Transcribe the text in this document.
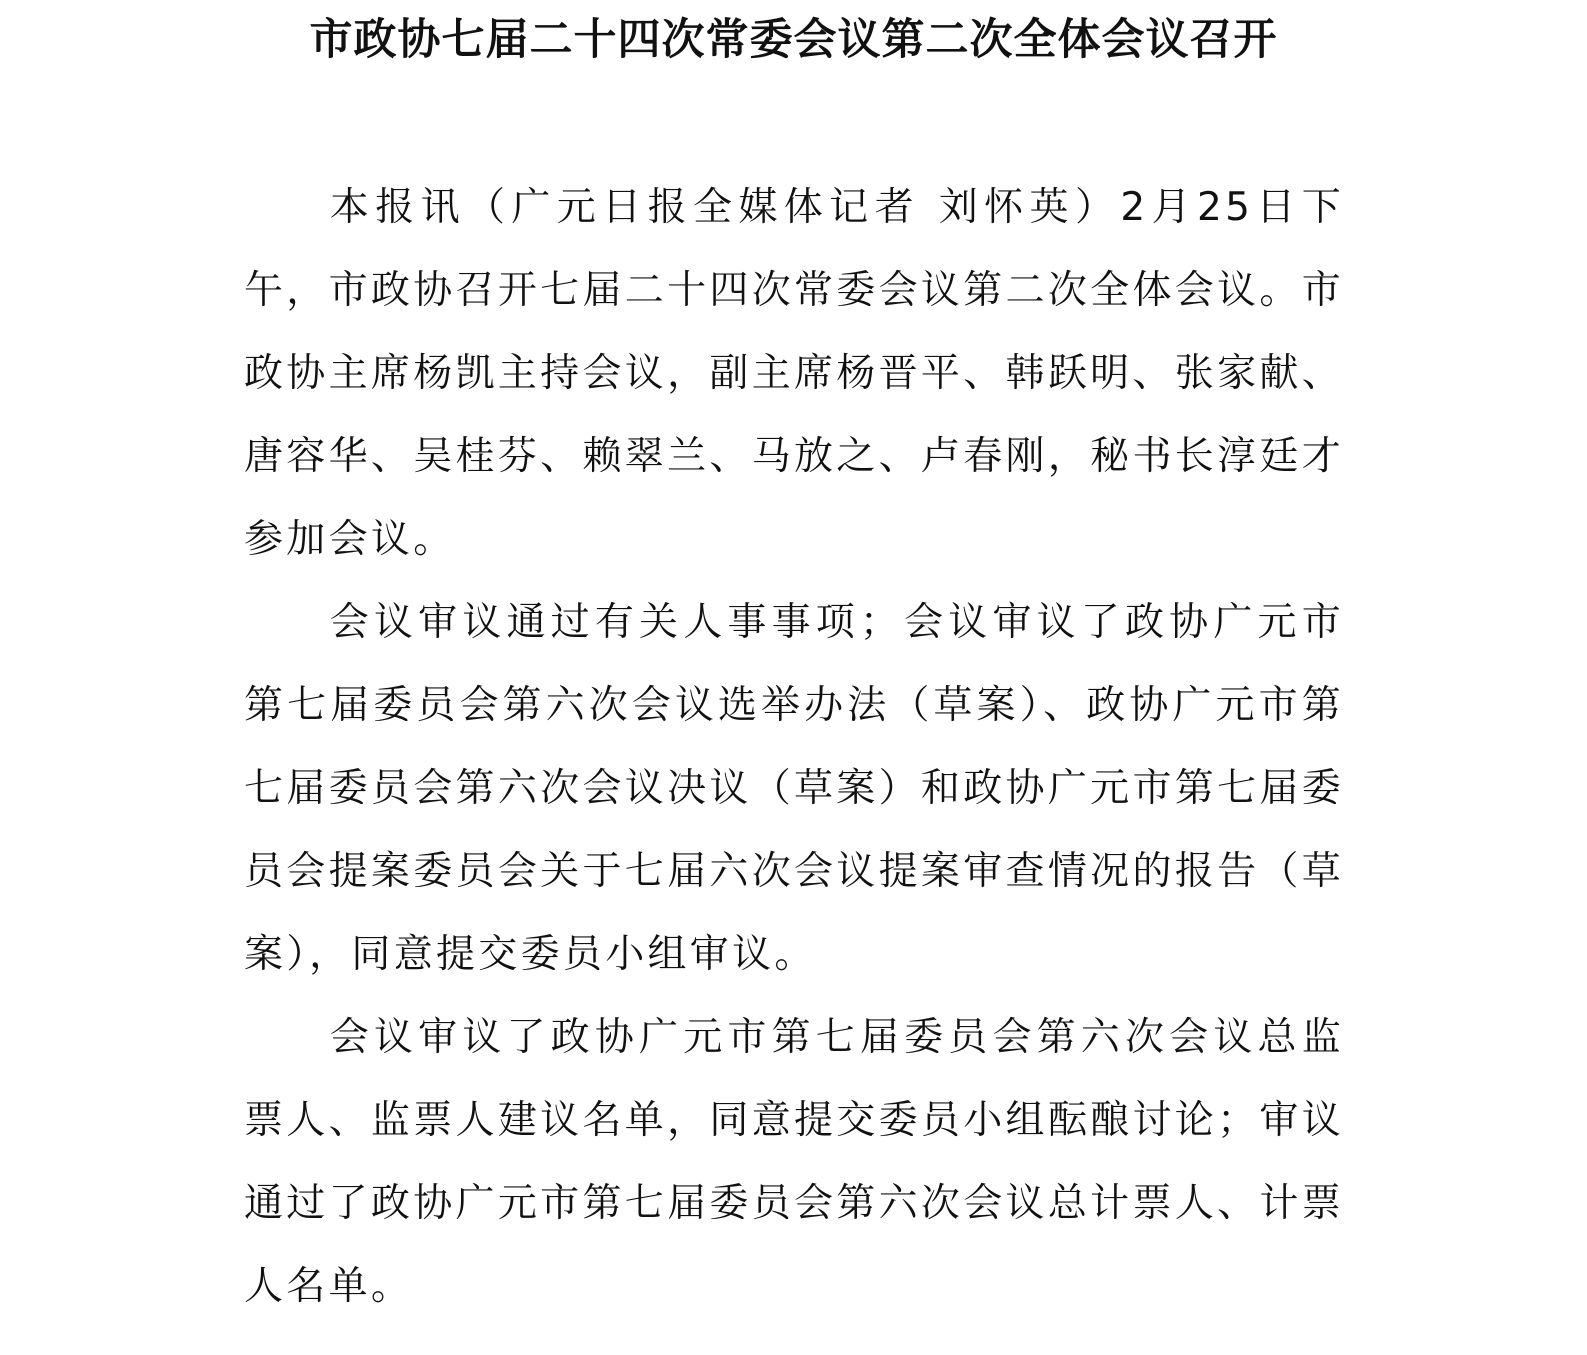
市政协七届二十四次常委会议第二次全体会议召开

本报讯（广元日报全媒体记者 刘怀英）2月25日下午，市政协召开七届二十四次常委会议第二次全体会议。市政协主席杨凯主持会议，副主席杨晋平、韩跃明、张家献、唐容华、吴桂芬、赖翠兰、马放之、卢春刚，秘书长淳廷才参加会议。

会议审议通过有关人事事项；会议审议了政协广元市第七届委员会第六次会议选举办法（草案）、政协广元市第七届委员会第六次会议决议（草案）和政协广元市第七届委员会提案委员会关于七届六次会议提案审查情况的报告（草案），同意提交委员小组审议。

会议审议了政协广元市第七届委员会第六次会议总监票人、监票人建议名单，同意提交委员小组酝酿讨论；审议通过了政协广元市第七届委员会第六次会议总计票人、计票人名单。
